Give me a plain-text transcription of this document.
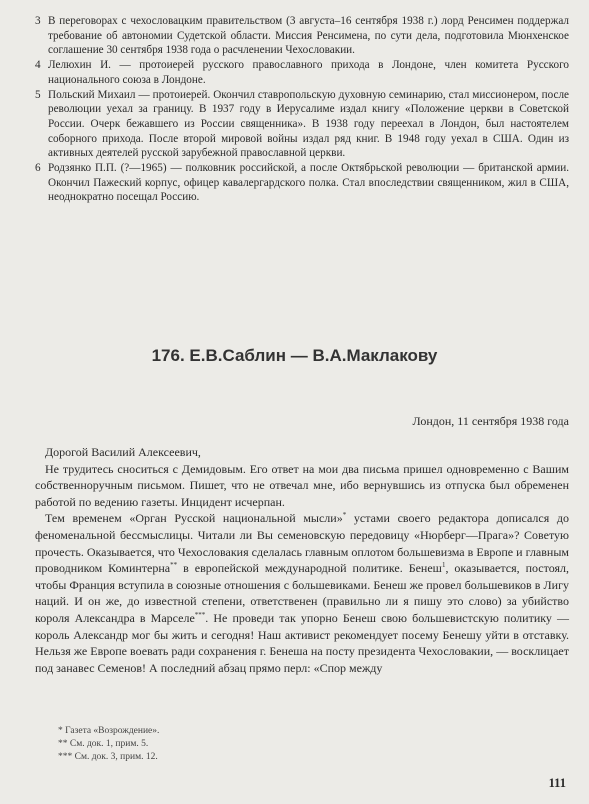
3 В переговорах с чехословацким правительством (3 августа–16 сентября 1938 г.) лорд Ренсимен поддержал требование об автономии Судетской области. Миссия Ренсимена, по сути дела, подготовила Мюнхенское соглашение 30 сентября 1938 года о расчленении Чехословакии.
4 Лелюхин И. — протоиерей русского православного прихода в Лондоне, член комитета Русского национального союза в Лондоне.
5 Польский Михаил — протоиерей. Окончил ставропольскую духовную семинарию, стал миссионером, после революции уехал за границу. В 1937 году в Иерусалиме издал книгу «Положение церкви в Советской России. Очерк бежавшего из России священника». В 1938 году переехал в Лондон, был настоятелем соборного прихода. После второй мировой войны издал ряд книг. В 1948 году уехал в США. Один из активных деятелей русской зарубежной православной церкви.
6 Родзянко П.П. (?—1965) — полковник российской, а после Октябрьской революции — британской армии. Окончил Пажеский корпус, офицер кавалергардского полка. Стал впоследствии священником, жил в США, неоднократно посещал Россию.
176. Е.В.Саблин — В.А.Маклакову
Лондон, 11 сентября 1938 года

Дорогой Василий Алексеевич,

Не трудитесь сноситься с Демидовым. Его ответ на мои два письма пришел одновременно с Вашим собственноручным письмом. Пишет, что не отвечал мне, ибо вернувшись из отпуска был обременен работой по ведению газеты. Инцидент исчерпан.

Тем временем «Орган Русской национальной мысли»* устами своего редактора дописался до феноменальной бессмыслицы. Читали ли Вы семеновскую передовицу «Нюрберг—Прага»? Советую прочесть. Оказывается, что Чехословакия сделалась главным оплотом большевизма в Европе и главным проводником Коминтерна** в европейской международной политике. Бенеш$^1$, оказывается, постоял, чтобы Франция вступила в союзные отношения с большевиками. Бенеш же провел большевиков в Лигу наций. И он же, до известной степени, ответственен (правильно ли я пишу это слово) за убийство короля Александра в Марселе***. Не проведи так упорно Бенеш свою большевистскую политику — король Александр мог бы жить и сегодня! Наш активист рекомендует посему Бенешу уйти в отставку. Нельзя же Европе воевать ради сохранения г. Бенеша на посту президента Чехословакии, — восклицает под занавес Семенов! А последний абзац прямо перл: «Спор между

* Газета «Возрождение».
** См. док. 1, прим. 5.
*** См. док. 3, прим. 12.
111
